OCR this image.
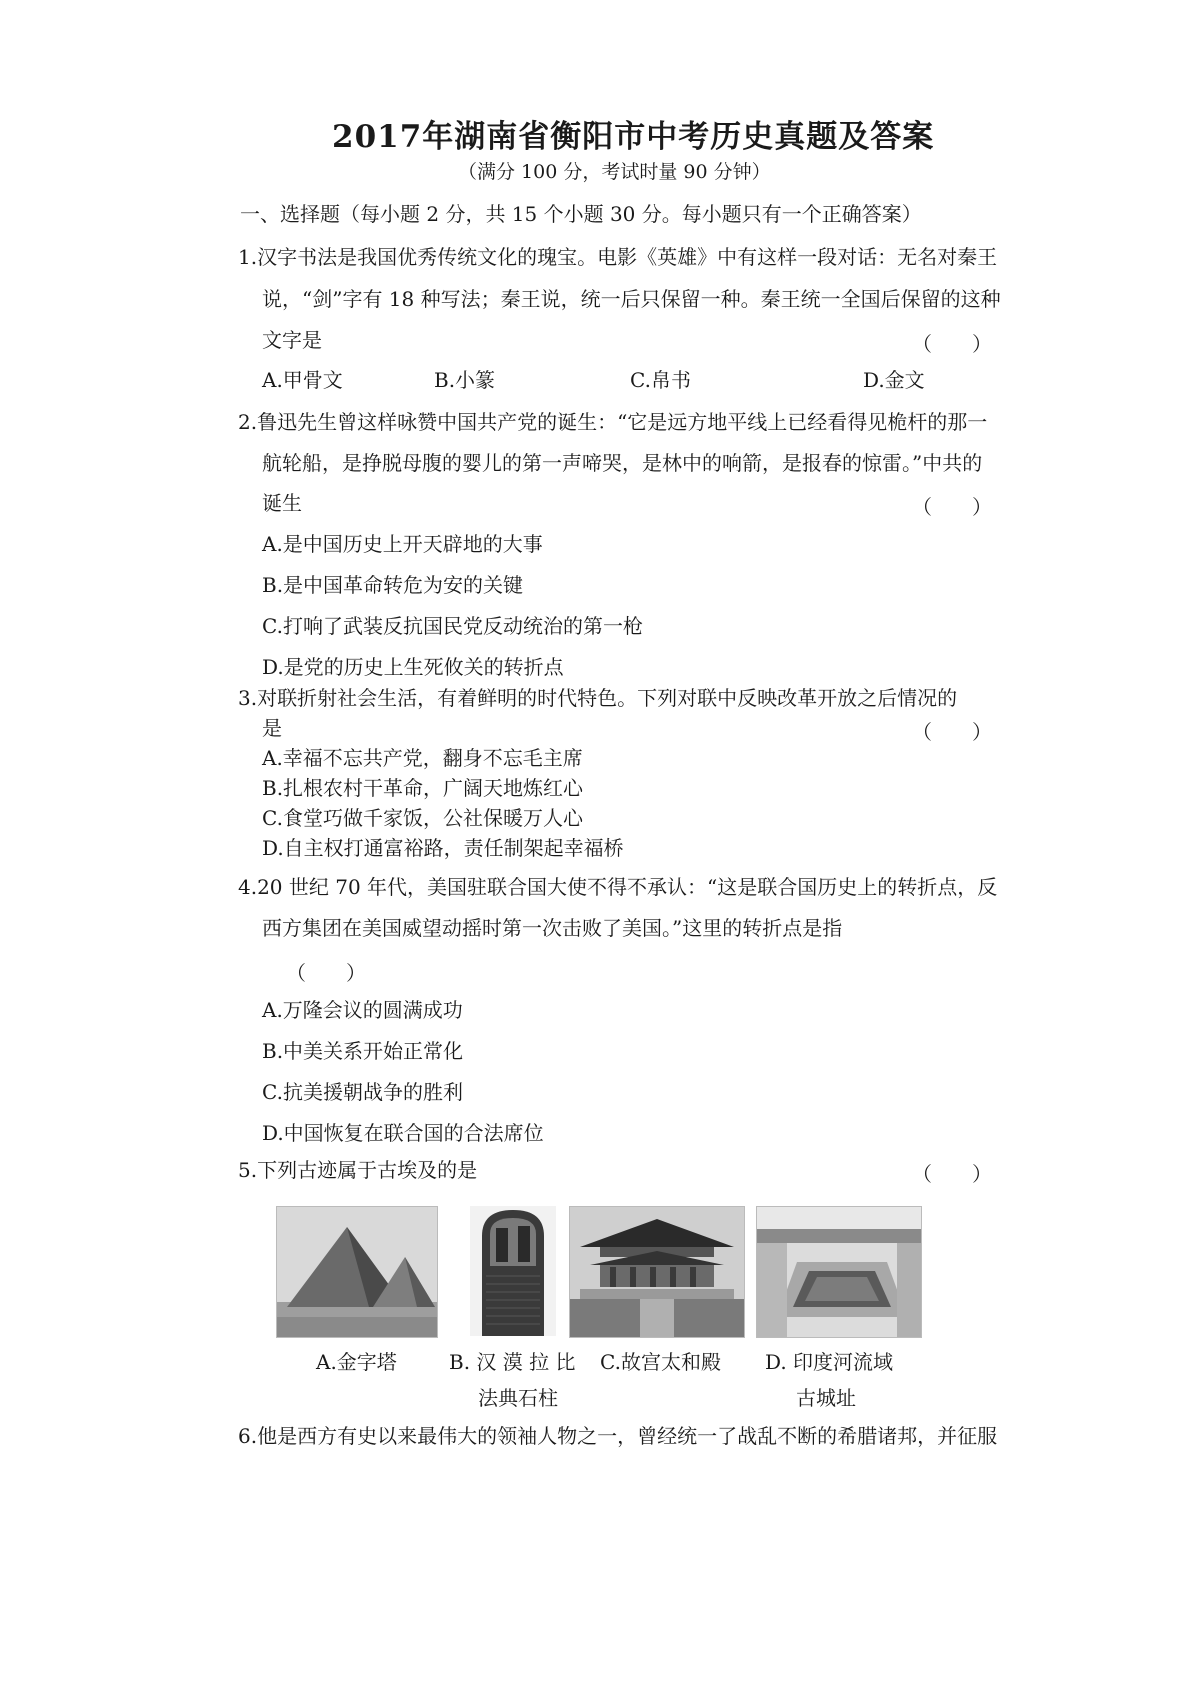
2017年湖南省衡阳市中考历史真题及答案
（满分 100 分，考试时量 90 分钟）
一、选择题（每小题 2 分，共 15 个小题 30 分。每小题只有一个正确答案）
1.汉字书法是我国优秀传统文化的瑰宝。电影《英雄》中有这样一段对话：无名对秦王
说，“剑”字有 18 种写法；秦王说，统一后只保留一种。秦王统一全国后保留的这种
文字是	（　　）
A.甲骨文	B.小篆	C.帛书	D.金文
2.鲁迅先生曾这样咏赞中国共产党的诞生：“它是远方地平线上已经看得见桅杆的那一
航轮船，是挣脱母腹的婴儿的第一声啼哭，是林中的响箭，是报春的惊雷。”中共的
诞生	（　　）
A.是中国历史上开天辟地的大事
B.是中国革命转危为安的关键
C.打响了武装反抗国民党反动统治的第一枪
D.是党的历史上生死攸关的转折点
3.对联折射社会生活，有着鲜明的时代特色。下列对联中反映改革开放之后情况的
是	（　　）
A.幸福不忘共产党，翻身不忘毛主席
B.扎根农村干革命，广阔天地炼红心
C.食堂巧做千家饭，公社保暖万人心
D.自主权打通富裕路，责任制架起幸福桥
4.20 世纪 70 年代，美国驻联合国大使不得不承认：“这是联合国历史上的转折点，反
西方集团在美国威望动摇时第一次击败了美国。”这里的转折点是指
（　　）
A.万隆会议的圆满成功
B.中美关系开始正常化
C.抗美援朝战争的胜利
D.中国恢复在联合国的合法席位
5.下列古迹属于古埃及的是	（　　）
A.金字塔	B. 汉 漠 拉 比
法典石柱
C.故宫太和殿 D. 印度河流域
古城址
6.他是西方有史以来最伟大的领袖人物之一，曾经统一了战乱不断的希腊诸邦，并征服
